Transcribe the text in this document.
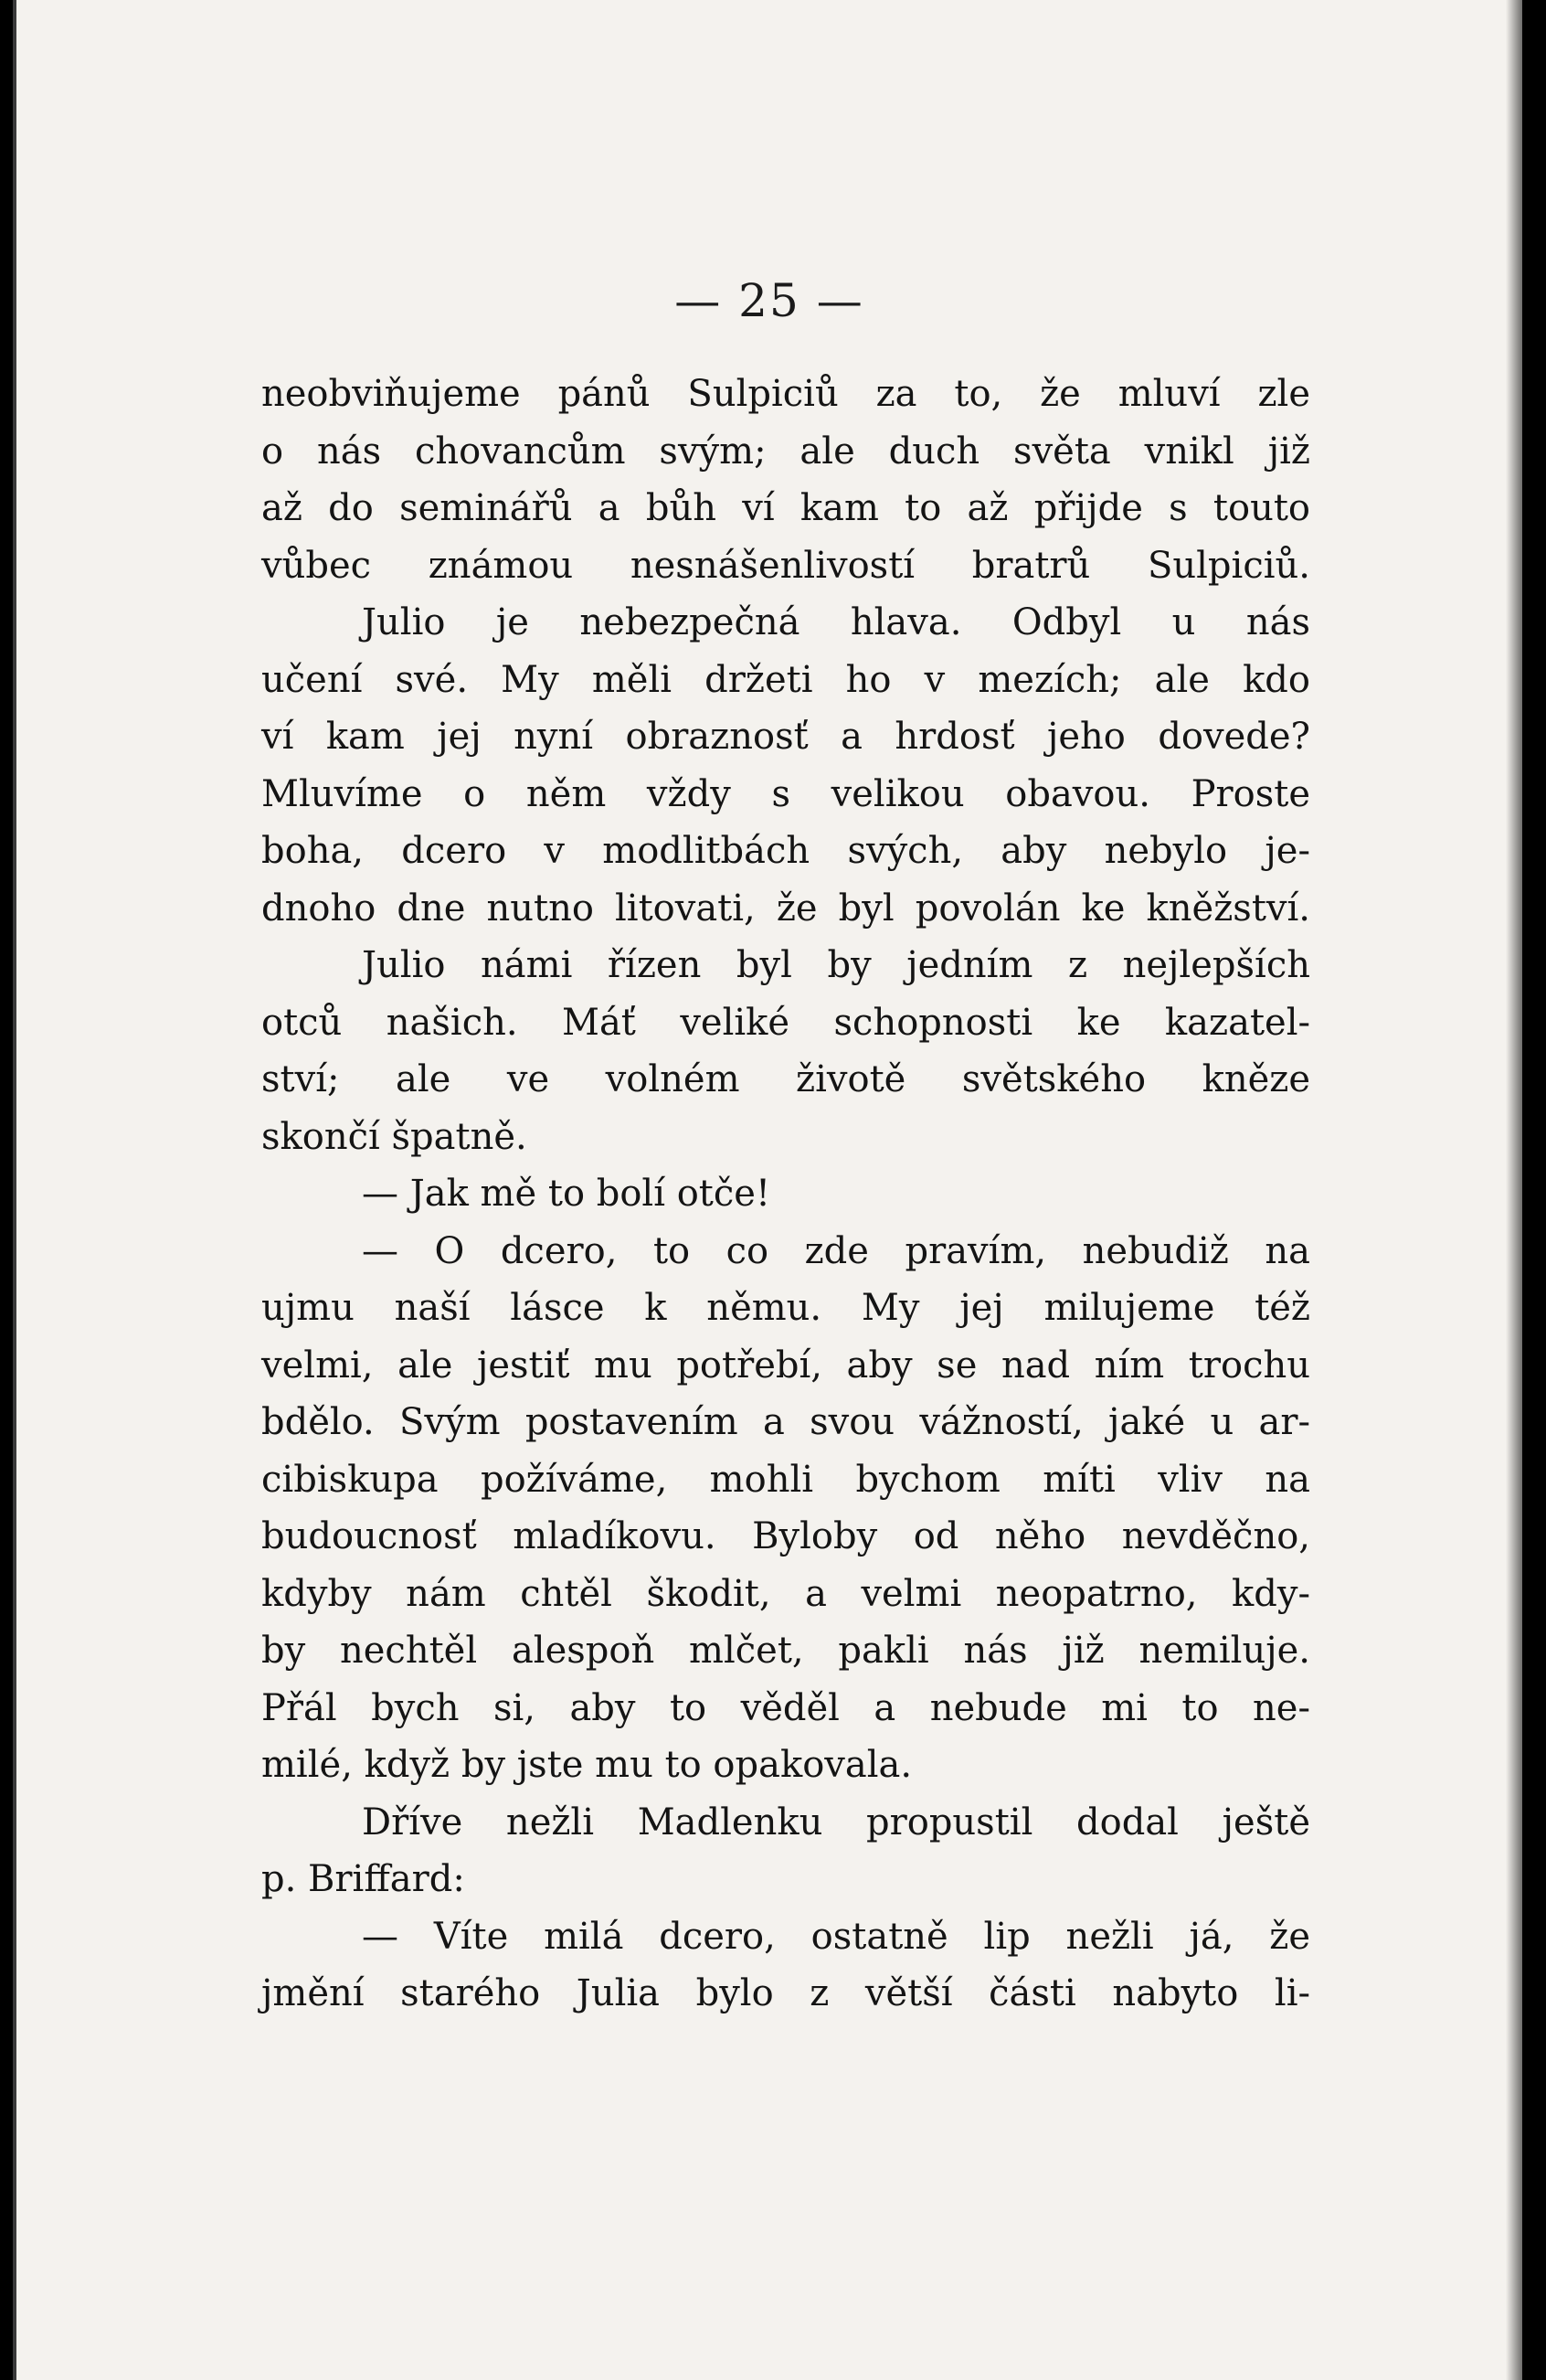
— 25 —
neobviňujeme pánů Sulpiciů za to, že mluví zle
o nás chovancům svým; ale duch světa vnikl již
až do seminářů a bůh ví kam to až přijde s touto
vůbec známou nesnášenlivostí bratrů Sulpiciů.
Julio je nebezpečná hlava. Odbyl u nás
učení své. My měli držeti ho v mezích; ale kdo
ví kam jej nyní obraznosť a hrdosť jeho dovede?
Mluvíme o něm vždy s velikou obavou. Proste
boha, dcero v modlitbách svých, aby nebylo je-
dnoho dne nutno litovati, že byl povolán ke kněžství.
Julio námi řízen byl by jedním z nejlepších
otců našich. Máť veliké schopnosti ke kazatel-
ství; ale ve volném životě světského kněze
skončí špatně.
— Jak mě to bolí otče!
— O dcero, to co zde pravím, nebudiž na
ujmu naší lásce k němu. My jej milujeme též
velmi, ale jestiť mu potřebí, aby se nad ním trochu
bdělo. Svým postavením a svou vážností, jaké u ar-
cibiskupa požíváme, mohli bychom míti vliv na
budoucnosť mladíkovu. Byloby od něho nevděčno,
kdyby nám chtěl škodit, a velmi neopatrno, kdy-
by nechtěl alespoň mlčet, pakli nás již nemiluje.
Přál bych si, aby to věděl a nebude mi to ne-
milé, když by jste mu to opakovala.
Dříve nežli Madlenku propustil dodal ještě
p. Briffard:
— Víte milá dcero, ostatně lip nežli já, že
jmění starého Julia bylo z větší části nabyto li-
